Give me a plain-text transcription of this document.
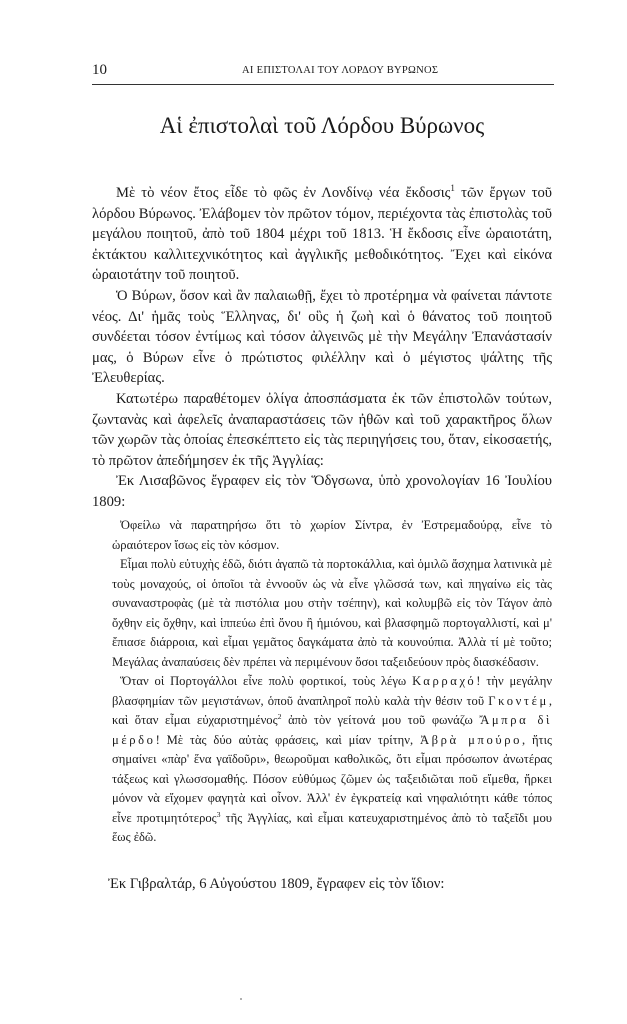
10	ΑΙ ΕΠΙΣΤΟΛΑΙ ΤΟΥ ΛΟΡΔΟΥ ΒΥΡΩΝΟΣ
Αἱ ἐπιστολαὶ τοῦ Λόρδου Βύρωνος

Μὲ τὸ νέον ἔτος εἶδε τὸ φῶς ἐν Λονδίνῳ νέα ἔκδοσις$^1$ τῶν ἔργων τοῦ λόρδου Βύρωνος. Ἐλάβομεν τὸν πρῶτον τόμον, περιέχοντα τὰς ἐπιστολὰς τοῦ μεγάλου ποιητοῦ, ἀπὸ τοῦ 1804 μέχρι τοῦ 1813. Ἡ ἔκδοσις εἶνε ὡραιοτάτη, ἐκτάκτου καλλιτεχνικότητος καὶ ἀγγλικῆς μεθοδικότητος. Ἔχει καὶ εἰκόνα ὡραιοτάτην τοῦ ποιητοῦ.

Ὁ Βύρων, ὅσον καὶ ἂν παλαιωθῇ, ἔχει τὸ προτέρημα νὰ φαίνεται πάντοτε νέος. Δι' ἡμᾶς τοὺς Ἕλληνας, δι' οὓς ἡ ζωὴ καὶ ὁ θάνατος τοῦ ποιητοῦ συνδέεται τόσον ἐντίμως καὶ τόσον ἀλγεινῶς μὲ τὴν Μεγάλην Ἐπανάστασίν μας, ὁ Βύρων εἶνε ὁ πρώτιστος φιλέλλην καὶ ὁ μέγιστος ψάλτης τῆς Ἐλευθερίας.

Κατωτέρω παραθέτομεν ὀλίγα ἀποσπάσματα ἐκ τῶν ἐπιστολῶν τούτων, ζωντανὰς καὶ ἀφελεῖς ἀναπαραστάσεις τῶν ἠθῶν καὶ τοῦ χαρακτῆρος ὅλων τῶν χωρῶν τὰς ὁποίας ἐπεσκέπτετο εἰς τὰς περιηγήσεις του, ὅταν, εἰκοσαετής, τὸ πρῶτον ἀπεδήμησεν ἐκ τῆς Ἀγγλίας:

Ἐκ Λισαβῶνος ἔγραφεν εἰς τὸν Ὅδγσωνα, ὑπὸ χρονολογίαν 16 Ἰουλίου 1809:

Ὀφείλω νὰ παρατηρήσω ὅτι τὸ χωρίον Σίντρα, ἐν Ἐστρεμαδούρᾳ, εἶνε τὸ ὡραιότερον ἴσως εἰς τὸν κόσμον.

Εἶμαι πολὺ εὐτυχὴς ἐδῶ, διότι ἀγαπῶ τὰ πορτοκάλλια, καὶ ὁμιλῶ ἄσχημα λατινικὰ μὲ τοὺς μοναχούς, οἱ ὁποῖοι τὰ ἐννοοῦν ὡς νὰ εἶνε γλῶσσά των, καὶ πηγαίνω εἰς τὰς συναναστροφὰς (μὲ τὰ πιστόλια μου στὴν τσέπην), καὶ κολυμβῶ εἰς τὸν Τάγον ἀπὸ ὄχθην εἰς ὄχθην, καὶ ἱππεύω ἐπὶ ὄνου ἢ ἡμιόνου, καὶ βλασφημῶ πορτογαλλιστί, καὶ μ' ἔπιασε διάρροια, καὶ εἶμαι γεμᾶτος δαγκάματα ἀπὸ τὰ κουνούπια. Ἀλλὰ τί μὲ τοῦτο; Μεγάλας ἀναπαύσεις δὲν πρέπει νὰ περιμένουν ὅσοι ταξειδεύουν πρὸς διασκέδασιν.

Ὅταν οἱ Πορτογάλλοι εἶνε πολὺ φορτικοί, τοὺς λέγω Καρραχό! τὴν μεγάλην βλασφημίαν τῶν μεγιστάνων, ὁποῦ ἀναπληροῖ πολὺ καλὰ τὴν θέσιν τοῦ Γκοντέμ, καὶ ὅταν εἶμαι εὐχαριστημένος$^2$ ἀπὸ τὸν γείτονά μου τοῦ φωνάζω Ἄμπρα δὶ μέρδο! Μὲ τὰς δύο αὐτὰς φράσεις, καὶ μίαν τρίτην, Ἀβρὰ μπούρο, ἥτις σημαίνει «πὰρ' ἕνα γαϊδοῦρι», θεωροῦμαι καθολικῶς, ὅτι εἶμαι πρόσωπον ἀνωτέρας τάξεως καὶ γλωσσομαθής. Πόσον εὐθύμως ζῶμεν ὡς ταξειδιῶται ποῦ εἴμεθα, ἤρκει μόνον νὰ εἴχομεν φαγητὰ καὶ οἶνον. Ἀλλ' ἐν ἐγκρατείᾳ καὶ νηφαλιότητι κάθε τόπος εἶνε προτιμητότερος$^3$ τῆς Ἀγγλίας, καὶ εἶμαι κατευχαριστημένος ἀπὸ τὸ ταξεῖδι μου ἕως ἐδῶ.

Ἐκ Γιβραλτάρ, 6 Αὐγούστου 1809, ἔγραφεν εἰς τὸν ἴδιον:
